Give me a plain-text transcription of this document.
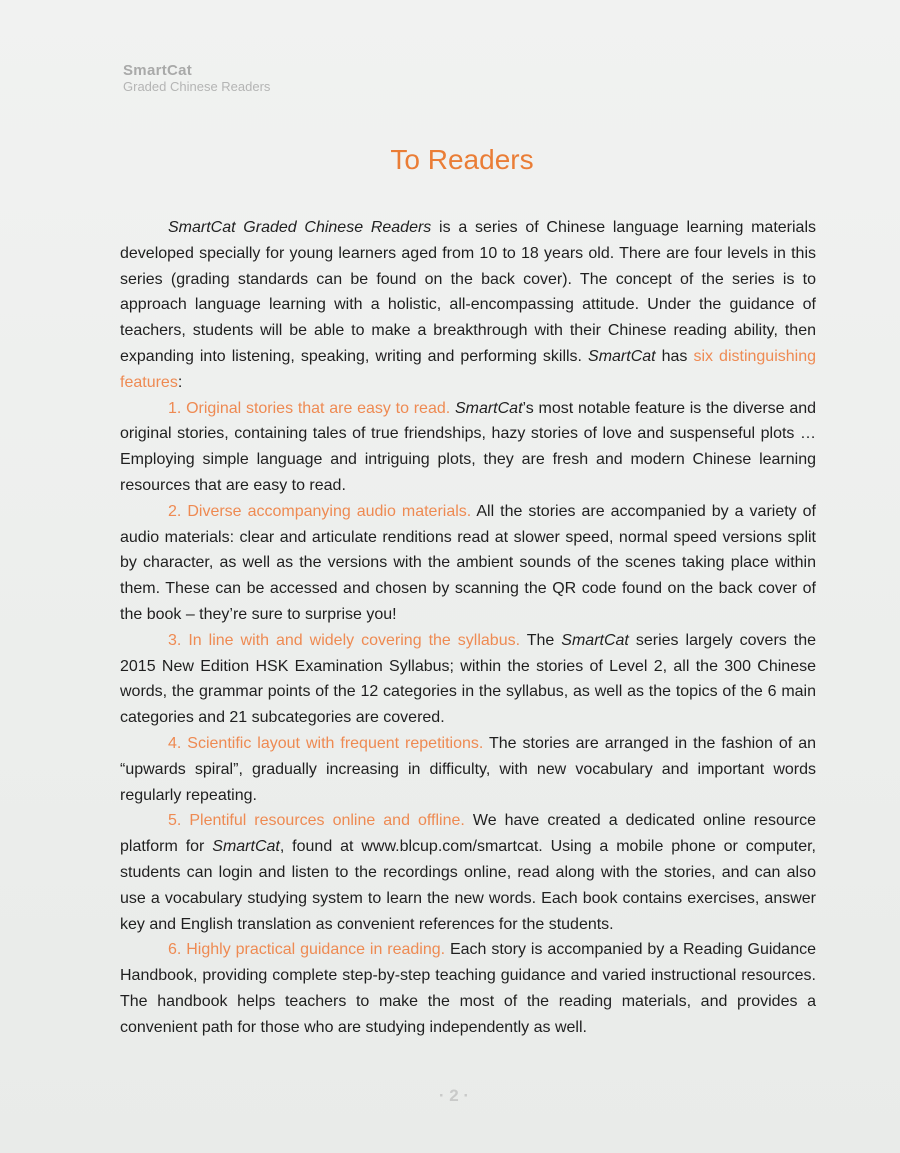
SmartCat
Graded Chinese Readers
To Readers

SmartCat Graded Chinese Readers is a series of Chinese language learning materials developed specially for young learners aged from 10 to 18 years old. There are four levels in this series (grading standards can be found on the back cover). The concept of the series is to approach language learning with a holistic, all-encompassing attitude. Under the guidance of teachers, students will be able to make a breakthrough with their Chinese reading ability, then expanding into listening, speaking, writing and performing skills. SmartCat has six distinguishing features:

1. Original stories that are easy to read. SmartCat’s most notable feature is the diverse and original stories, containing tales of true friendships, hazy stories of love and suspenseful plots … Employing simple language and intriguing plots, they are fresh and modern Chinese learning resources that are easy to read.

2. Diverse accompanying audio materials. All the stories are accompanied by a variety of audio materials: clear and articulate renditions read at slower speed, normal speed versions split by character, as well as the versions with the ambient sounds of the scenes taking place within them. These can be accessed and chosen by scanning the QR code found on the back cover of the book – they’re sure to surprise you!

3. In line with and widely covering the syllabus. The SmartCat series largely covers the 2015 New Edition HSK Examination Syllabus; within the stories of Level 2, all the 300 Chinese words, the grammar points of the 12 categories in the syllabus, as well as the topics of the 6 main categories and 21 subcategories are covered.

4. Scientific layout with frequent repetitions. The stories are arranged in the fashion of an “upwards spiral”, gradually increasing in difficulty, with new vocabulary and important words regularly repeating.

5. Plentiful resources online and offline. We have created a dedicated online resource platform for SmartCat, found at www.blcup.com/smartcat. Using a mobile phone or computer, students can login and listen to the recordings online, read along with the stories, and can also use a vocabulary studying system to learn the new words. Each book contains exercises, answer key and English translation as convenient references for the students.

6. Highly practical guidance in reading. Each story is accompanied by a Reading Guidance Handbook, providing complete step-by-step teaching guidance and varied instructional resources. The handbook helps teachers to make the most of the reading materials, and provides a convenient path for those who are studying independently as well.

· 2 ·
